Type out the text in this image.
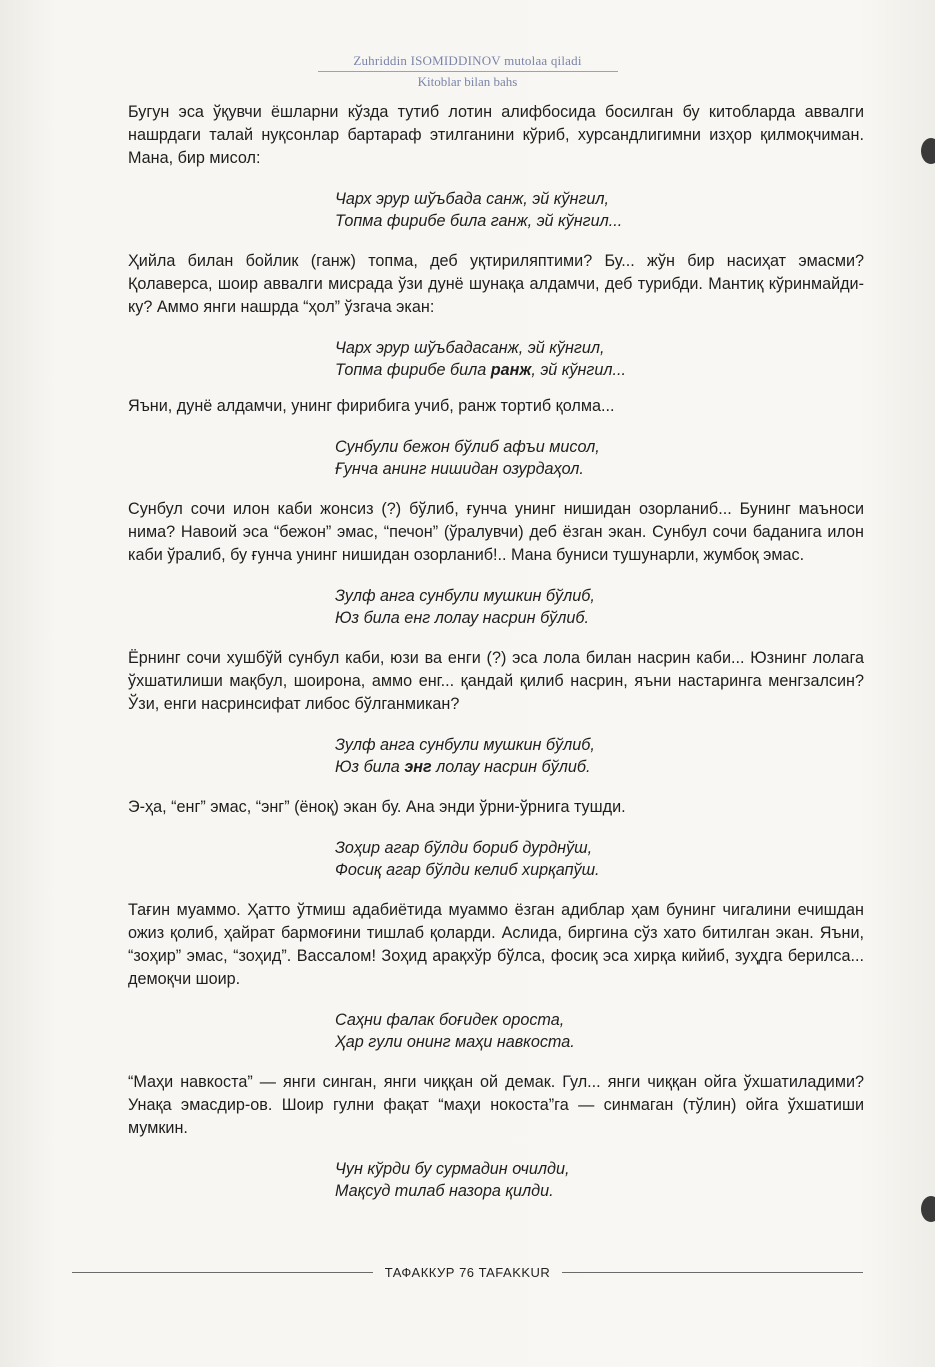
Zuhriddin ISOMIDDINOV mutolaa qiladi
Kitoblar bilan bahs

Бугун эса ўқувчи ёшларни кўзда тутиб лотин алифбосида босилган бу китобларда аввалги нашрдаги талай нуқсонлар бартараф этилганини кўриб, хурсандлигимни изҳор қилмоқчиман. Мана, бир мисол:

Чарх эрур шўъбада санж, эй кўнгил,
Топма фирибе била ганж, эй кўнгил...

Ҳийла билан бойлик (ганж) топма, деб уқтириляптими? Бу... жўн бир насиҳат эмасми? Қолаверса, шоир аввалги мисрада ўзи дунё шунақа алдамчи, деб турибди. Мантиқ кўринмайди-ку? Аммо янги нашрда “ҳол” ўзгача экан:

Чарх эрур шўъбадасанж, эй кўнгил,
Топма фирибе била ранж, эй кўнгил...

Яъни, дунё алдамчи, унинг фирибига учиб, ранж тортиб қолма...

Сунбули бежон бўлиб афъи мисол,
Ғунча анинг нишидан озурдаҳол.

Сунбул сочи илон каби жонсиз (?) бўлиб, ғунча унинг нишидан озорланиб... Бунинг маъноси нима? Навоий эса “бежон” эмас, “печон” (ўралувчи) деб ёзган экан. Сунбул сочи баданига илон каби ўралиб, бу ғунча унинг нишидан озорланиб!.. Мана буниси тушунарли, жумбоқ эмас.

Зулф анга сунбули мушкин бўлиб,
Юз била енг лолау насрин бўлиб.

Ёрнинг сочи хушбўй сунбул каби, юзи ва енги (?) эса лола билан насрин каби... Юзнинг лолага ўхшатилиши мақбул, шоирона, аммо енг... қандай қилиб насрин, яъни настаринга менгзалсин? Ўзи, енги насринсифат либос бўлганмикан?

Зулф анга сунбули мушкин бўлиб,
Юз била энг лолау насрин бўлиб.

Э-ҳа, “енг” эмас, “энг” (ёноқ) экан бу. Ана энди ўрни-ўрнига тушди.

Зоҳир агар бўлди бориб дурднўш,
Фосиқ агар бўлди келиб хирқапўш.

Тағин муаммо. Ҳатто ўтмиш адабиётида муаммо ёзган адиблар ҳам бунинг чигалини ечишдан ожиз қолиб, ҳайрат бармоғини тишлаб қоларди. Аслида, биргина сўз хато битилган экан. Яъни, “зоҳир” эмас, “зоҳид”. Вассалом! Зоҳид арақхўр бўлса, фосиқ эса хирқа кийиб, зуҳдга берилса... демоқчи шоир.

Саҳни фалак боғидек ороста,
Ҳар гули онинг маҳи навкоста.

“Маҳи навкоста” — янги синган, янги чиққан ой демак. Гул... янги чиққан ойга ўхшатиладими? Унақа эмасдир-ов. Шоир гулни фақат “маҳи нокоста”га — синмаган (тўлин) ойга ўхшатиши мумкин.

Чун кўрди бу сурмадин очилди,
Мақсуд тилаб назора қилди.
ТАФАККУР 76 TAFAKKUR
